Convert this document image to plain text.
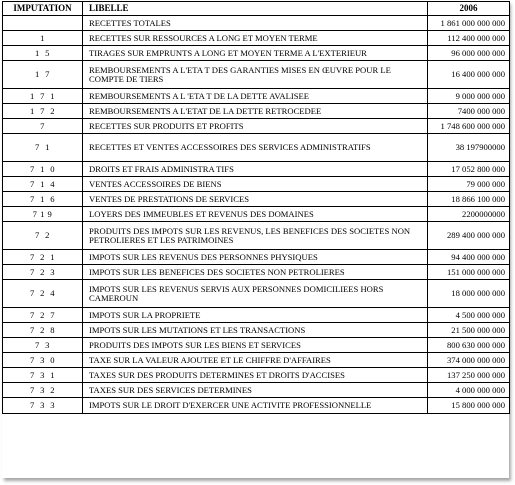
IMPUTATION	LIBELLE	2006
	RECETTES TOTALES	1 861 000 000 000
1	RECETTES SUR RESSOURCES A LONG ET MOYEN TERME	112 400 000 000
1  5	TIRAGES SUR EMPRUNTS A LONG ET MOYEN TERME A L'EXTERIEUR	96 000 000 000
1  7	REMBOURSEMENTS A L'ETA T DES GARANTIES MISES EN ŒUVRE POUR LE COMPTE DE TIERS	16 400 000 000
1  7  1	REMBOURSEMENTS A L 'ETA T DE LA DETTE AVALISEE	9 000 000 000
1  7  2	REMBOURSEMENTS A L'ETAT DE LA DETTE RETROCEDEE	7400 000 000
7	RECETTES SUR PRODUITS ET PROFITS	1 748 600 000 000
7  1	RECETTES ET VENTES ACCESSOIRES DES SERVICES ADMINISTRATIFS	38 197900000
7  1  0	DROITS ET FRAIS ADMINISTRA TIFS	17 052 800 000
7  1  4	VENTES ACCESSOIRES DE BIENS	79 000 000
7  1  6	VENTES DE PRESTATIONS DE SERVICES	18 866 100 000
7 1 9	LOYERS DES IMMEUBLES ET REVENUS DES DOMAINES	2200000000
7  2	PRODUITS DES IMPOTS SUR LES REVENUS, LES BENEFICES DES SOCIETES NON PETROLIERES ET LES PATRIMOINES	289 400 000 000
7  2  1	IMPOTS SUR LES REVENUS DES PERSONNES PHYSIQUES	94 400 000 000
7  2  3	IMPOTS SUR LES BENEFICES DES SOCIETES NON PETROLIERES	151 000 000 000
7  2  4	IMPOTS SUR LES REVENUS SERVIS AUX PERSONNES DOMICILIEES HORS CAMEROUN	18 000 000 000
7  2  7	IMPOTS SUR LA PROPRIETE	4 500 000 000
7  2  8	IMPOTS SUR LES MUTATIONS ET LES TRANSACTIONS	21 500 000 000
7  3	PRODUITS DES IMPOTS SUR LES BIENS ET SERVICES	800 630 000 000
7  3  0	TAXE SUR LA VALEUR AJOUTEE ET LE CHIFFRE D'AFFAIRES	374 000 000 000
7  3  1	TAXES SUR DES PRODUITS DETERMINES ET DROITS D'ACCISES	137 250 000 000
7  3  2	TAXES SUR DES SERVICES DETERMINES	4 000 000 000
7  3  3	IMPOTS SUR LE DROIT D'EXERCER UNE ACTIVITE PROFESSIONNELLE	15 800 000 000
